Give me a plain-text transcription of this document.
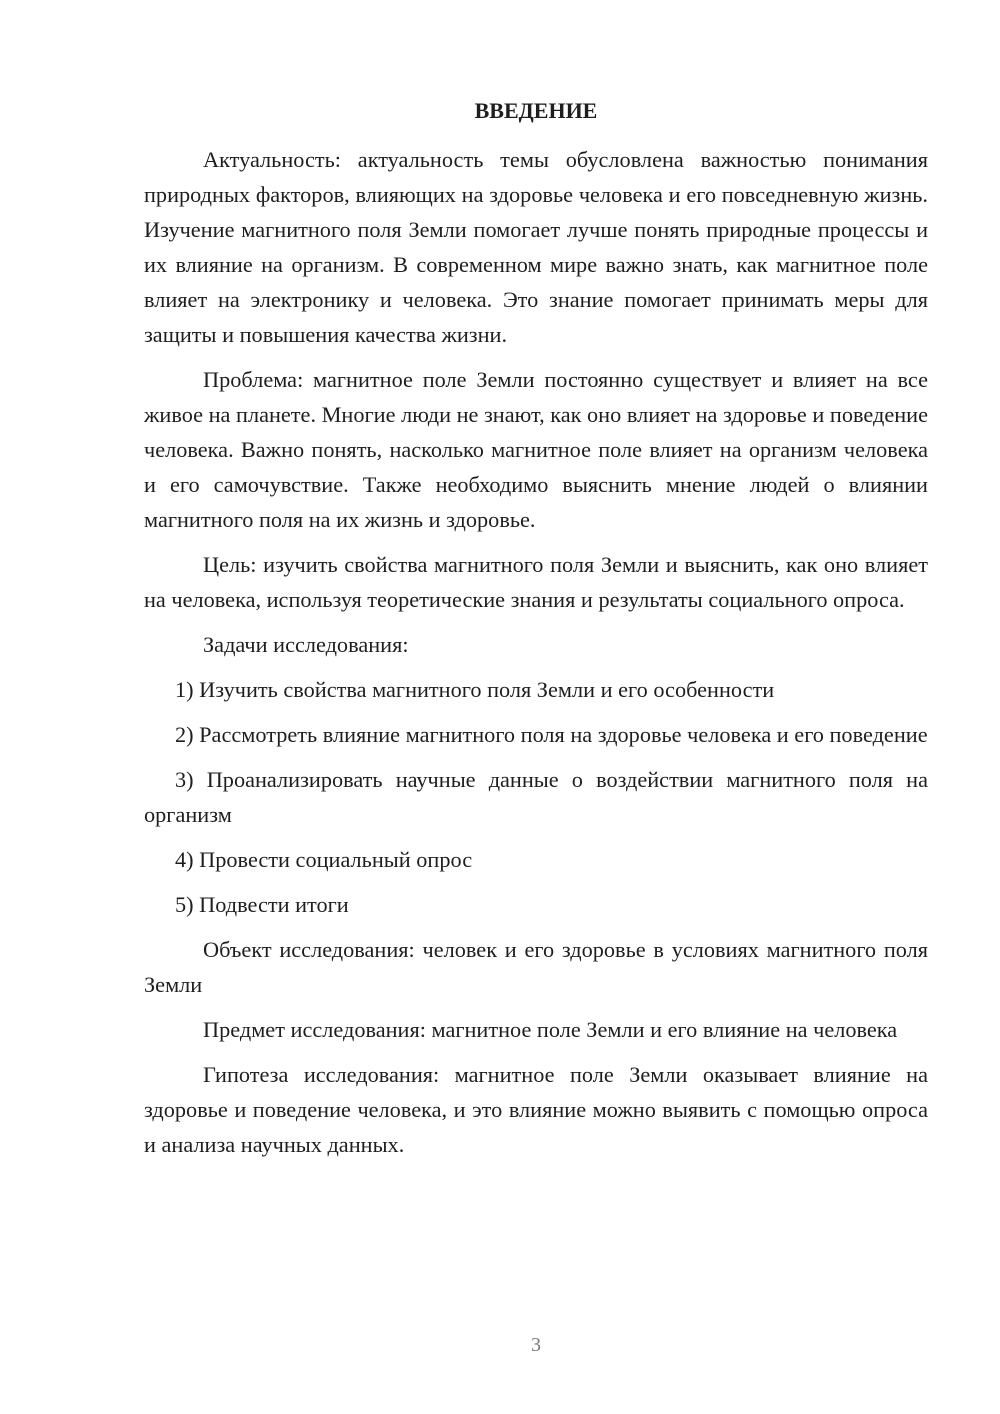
ВВЕДЕНИЕ

Актуальность: актуальность темы обусловлена важностью понимания природных факторов, влияющих на здоровье человека и его повседневную жизнь. Изучение магнитного поля Земли помогает лучше понять природные процессы и их влияние на организм. В современном мире важно знать, как магнитное поле влияет на электронику и человека. Это знание помогает принимать меры для защиты и повышения качества жизни.

Проблема: магнитное поле Земли постоянно существует и влияет на все живое на планете. Многие люди не знают, как оно влияет на здоровье и поведение человека. Важно понять, насколько магнитное поле влияет на организм человека и его самочувствие. Также необходимо выяснить мнение людей о влиянии магнитного поля на их жизнь и здоровье.

Цель: изучить свойства магнитного поля Земли и выяснить, как оно влияет на человека, используя теоретические знания и результаты социального опроса.

Задачи исследования:

1) Изучить свойства магнитного поля Земли и его особенности

2) Рассмотреть влияние магнитного поля на здоровье человека и его поведение

3) Проанализировать научные данные о воздействии магнитного поля на организм

4) Провести социальный опрос

5) Подвести итоги

Объект исследования: человек и его здоровье в условиях магнитного поля Земли

Предмет исследования: магнитное поле Земли и его влияние на человека

Гипотеза исследования: магнитное поле Земли оказывает влияние на здоровье и поведение человека, и это влияние можно выявить с помощью опроса и анализа научных данных.

3
